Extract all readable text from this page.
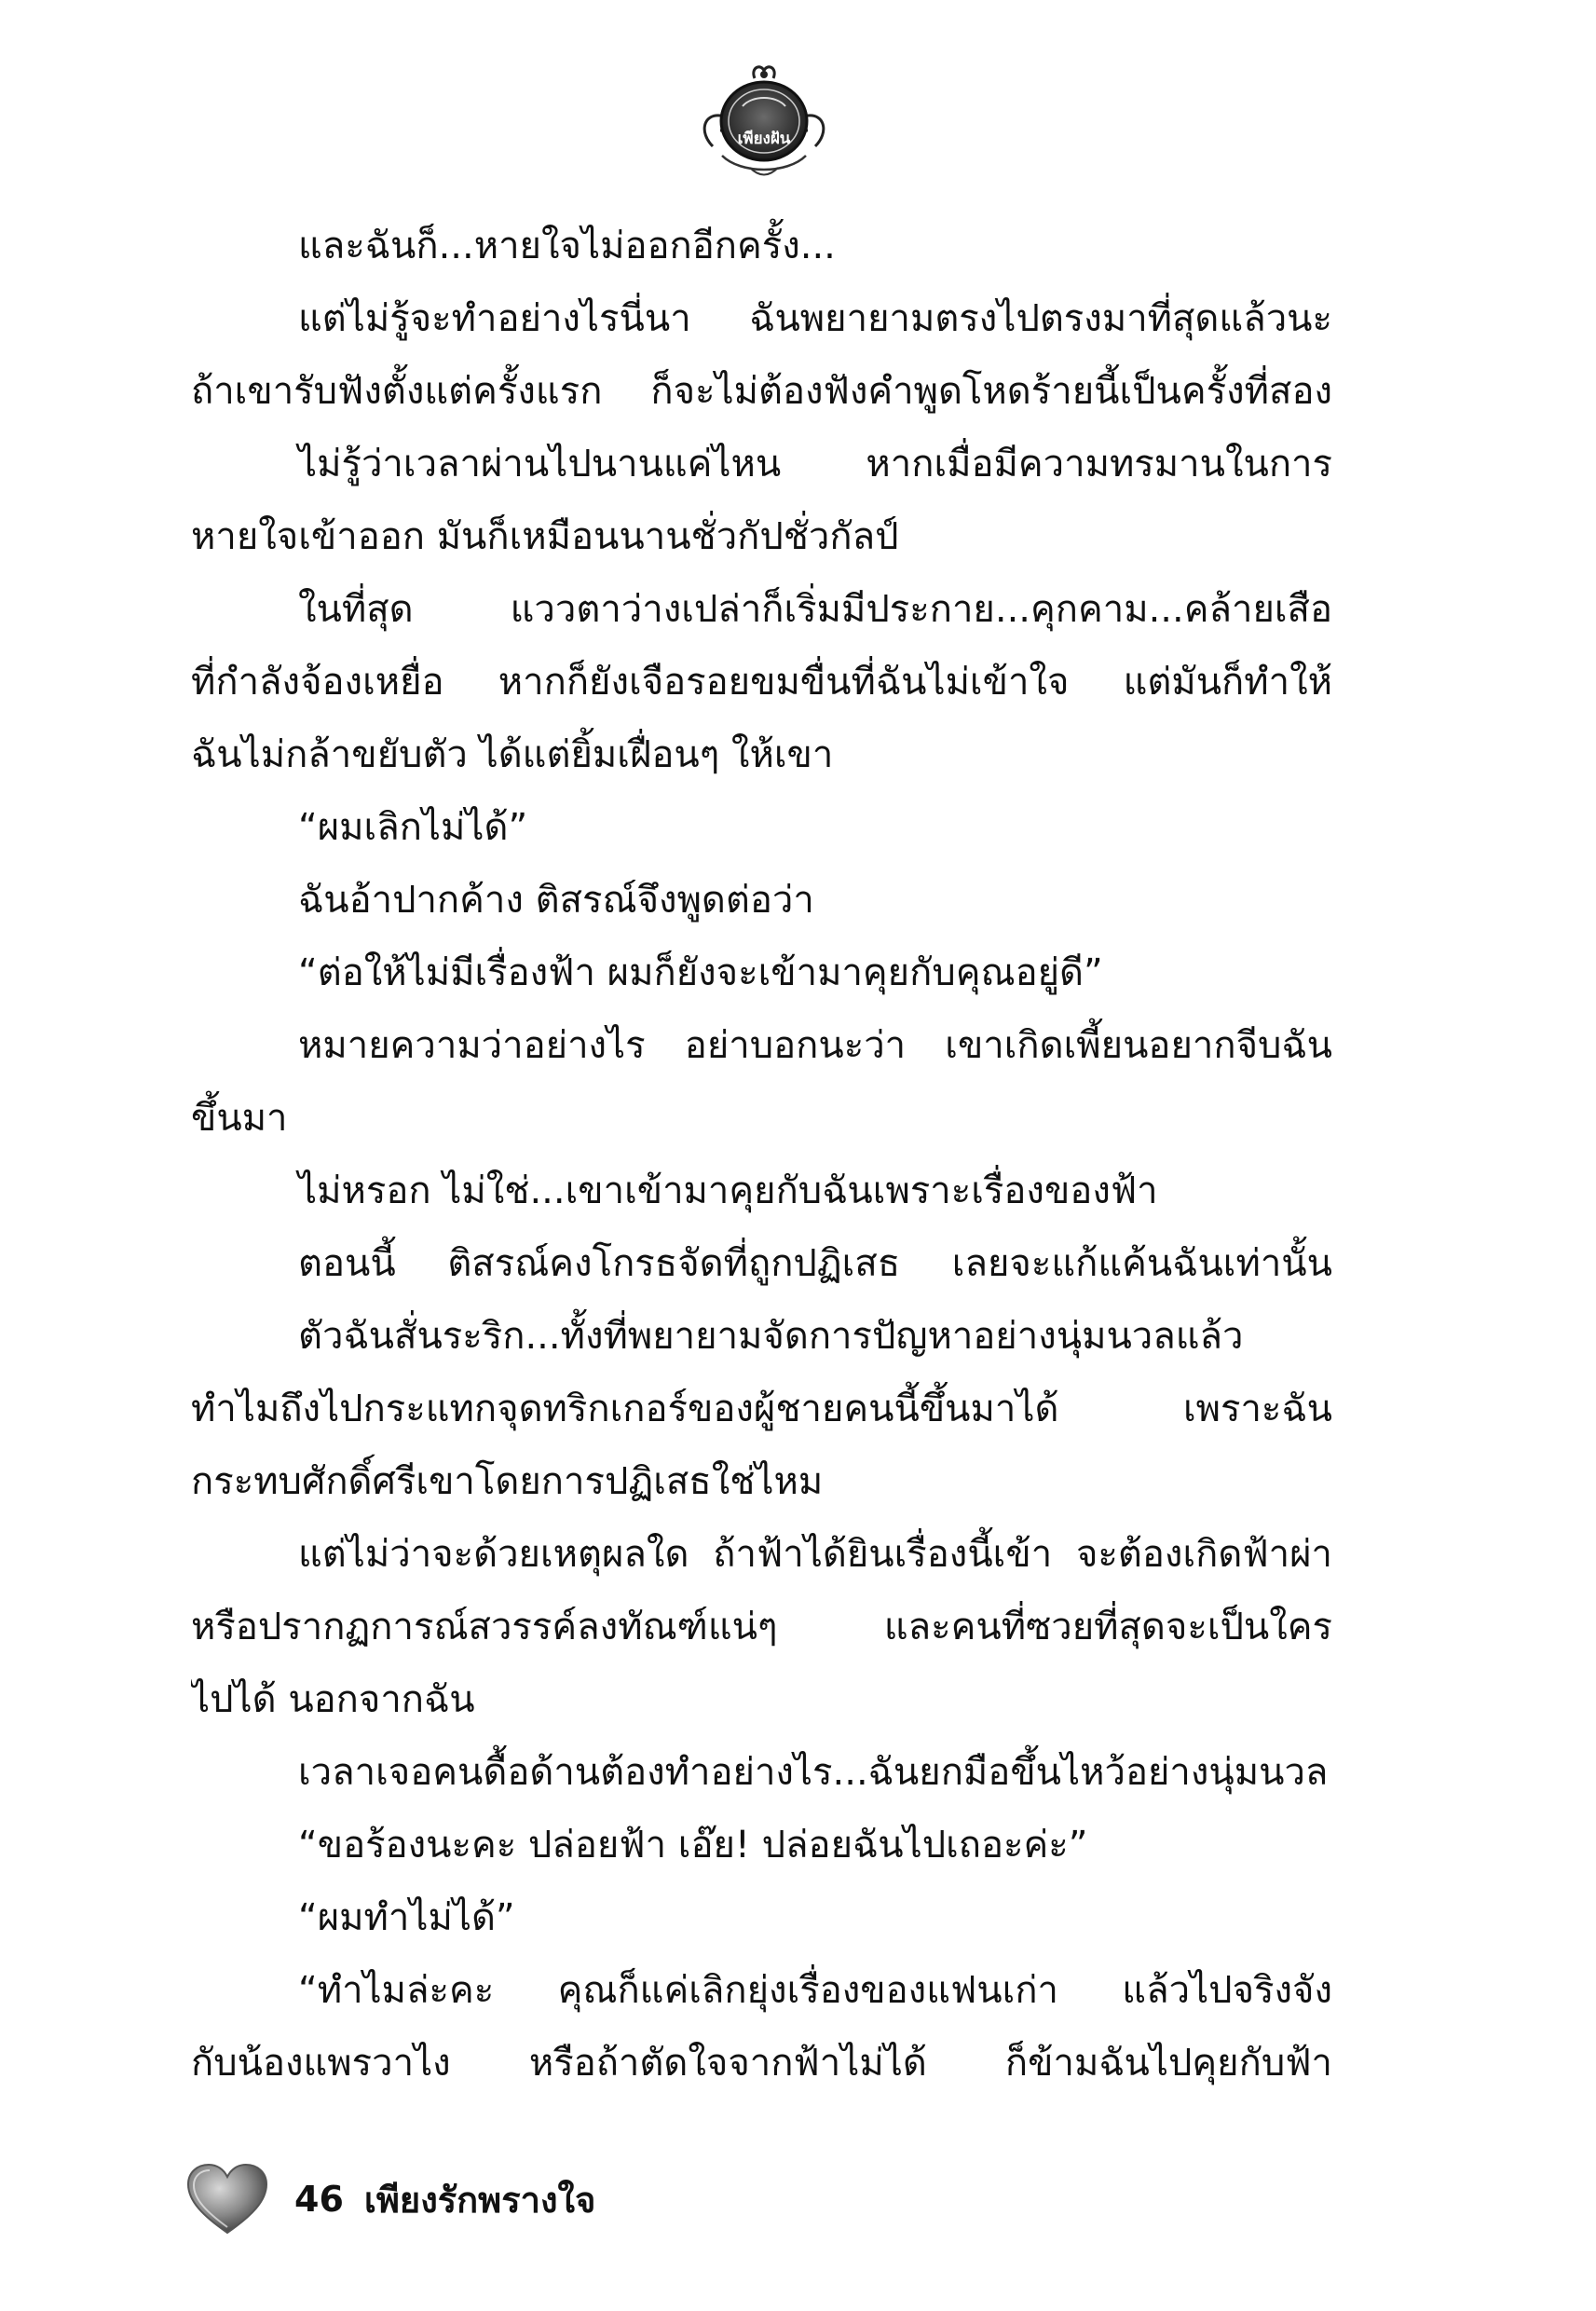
เพียงฝัน
และฉันก็...หายใจไม่ออกอีกครั้ง...
แต่ไม่รู้จะทำอย่างไรนี่นา ฉันพยายามตรงไปตรงมาที่สุดแล้วนะ
ถ้าเขารับฟังตั้งแต่ครั้งแรก ก็จะไม่ต้องฟังคำพูดโหดร้ายนี้เป็นครั้งที่สอง
ไม่รู้ว่าเวลาผ่านไปนานแค่ไหน หากเมื่อมีความทรมานในการ
หายใจเข้าออก มันก็เหมือนนานชั่วกัปชั่วกัลป์
ในที่สุด แววตาว่างเปล่าก็เริ่มมีประกาย...คุกคาม...คล้ายเสือ
ที่กำลังจ้องเหยื่อ หากก็ยังเจือรอยขมขื่นที่ฉันไม่เข้าใจ แต่มันก็ทำให้
ฉันไม่กล้าขยับตัว ได้แต่ยิ้มเฝื่อนๆ ให้เขา
“ผมเลิกไม่ได้”
ฉันอ้าปากค้าง ติสรณ์จึงพูดต่อว่า
“ต่อให้ไม่มีเรื่องฟ้า ผมก็ยังจะเข้ามาคุยกับคุณอยู่ดี”
หมายความว่าอย่างไร อย่าบอกนะว่า เขาเกิดเพี้ยนอยากจีบฉัน
ขึ้นมา
ไม่หรอก ไม่ใช่...เขาเข้ามาคุยกับฉันเพราะเรื่องของฟ้า
ตอนนี้ ติสรณ์คงโกรธจัดที่ถูกปฏิเสธ เลยจะแก้แค้นฉันเท่านั้น
ตัวฉันสั่นระริก...ทั้งที่พยายามจัดการปัญหาอย่างนุ่มนวลแล้ว
ทำไมถึงไปกระแทกจุดทริกเกอร์ของผู้ชายคนนี้ขึ้นมาได้ เพราะฉัน
กระทบศักดิ์ศรีเขาโดยการปฏิเสธใช่ไหม
แต่ไม่ว่าจะด้วยเหตุผลใด ถ้าฟ้าได้ยินเรื่องนี้เข้า จะต้องเกิดฟ้าผ่า
หรือปรากฏการณ์สวรรค์ลงทัณฑ์แน่ๆ และคนที่ซวยที่สุดจะเป็นใคร
ไปได้ นอกจากฉัน
เวลาเจอคนดื้อด้านต้องทำอย่างไร...ฉันยกมือขึ้นไหว้อย่างนุ่มนวล
“ขอร้องนะคะ ปล่อยฟ้า เอ๊ย! ปล่อยฉันไปเถอะค่ะ”
“ผมทำไม่ได้”
“ทำไมล่ะคะ คุณก็แค่เลิกยุ่งเรื่องของแฟนเก่า แล้วไปจริงจัง
กับน้องแพรวาไง หรือถ้าตัดใจจากฟ้าไม่ได้ ก็ข้ามฉันไปคุยกับฟ้า
46 เพียงรักพรางใจ
